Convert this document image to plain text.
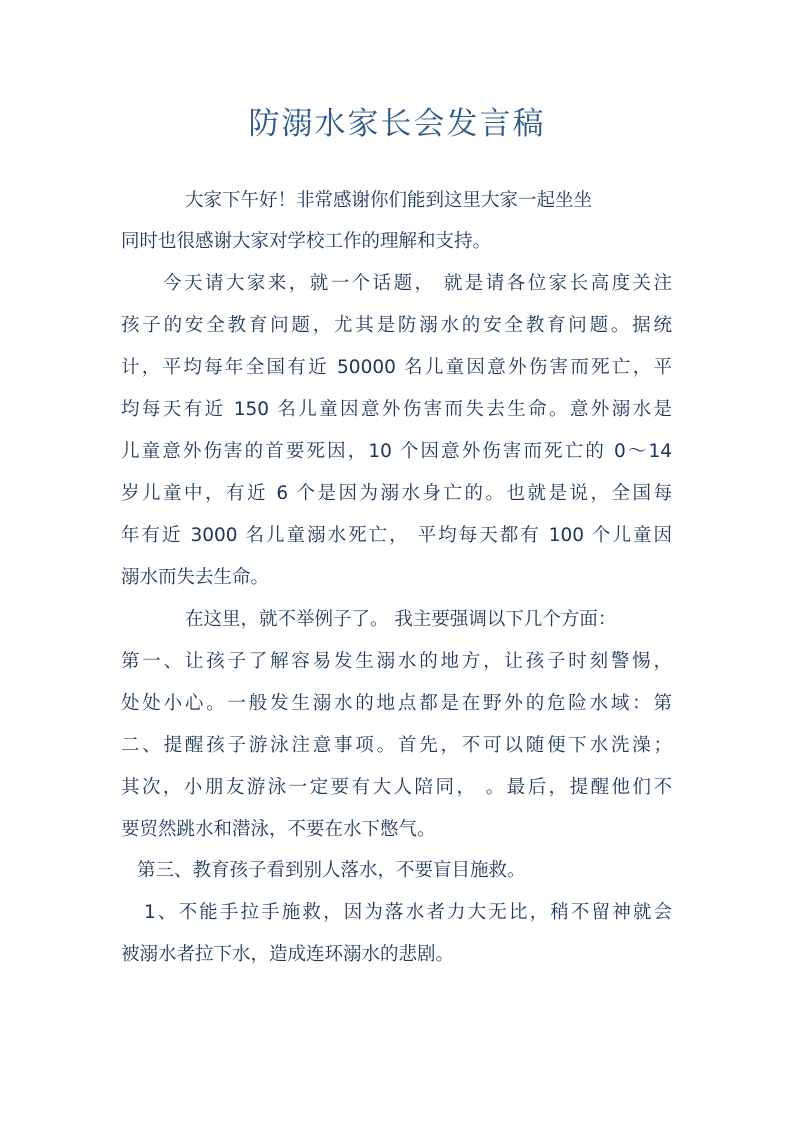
防溺水家长会发言稿
大家下午好！非常感谢你们能到这里大家一起坐坐
同时也很感谢大家对学校工作的理解和支持。
今天请大家来，就一个话题， 就是请各位家长高度关注
孩子的安全教育问题，尤其是防溺水的安全教育问题。据统
计，平均每年全国有近 50000 名儿童因意外伤害而死亡，平
均每天有近 150 名儿童因意外伤害而失去生命。意外溺水是
儿童意外伤害的首要死因，10 个因意外伤害而死亡的 0～14
岁儿童中，有近 6 个是因为溺水身亡的。也就是说，全国每
年有近 3000 名儿童溺水死亡， 平均每天都有 100 个儿童因
溺水而失去生命。
在这里，就不举例子了。 我主要强调以下几个方面：
第一、让孩子了解容易发生溺水的地方，让孩子时刻警惕，
处处小心。一般发生溺水的地点都是在野外的危险水域：第
二、提醒孩子游泳注意事项。首先，不可以随便下水洗澡；
其次，小朋友游泳一定要有大人陪同， 。最后，提醒他们不
要贸然跳水和潜泳，不要在水下憋气。
第三、教育孩子看到别人落水，不要盲目施救。
1、不能手拉手施救，因为落水者力大无比，稍不留神就会
被溺水者拉下水，造成连环溺水的悲剧。
